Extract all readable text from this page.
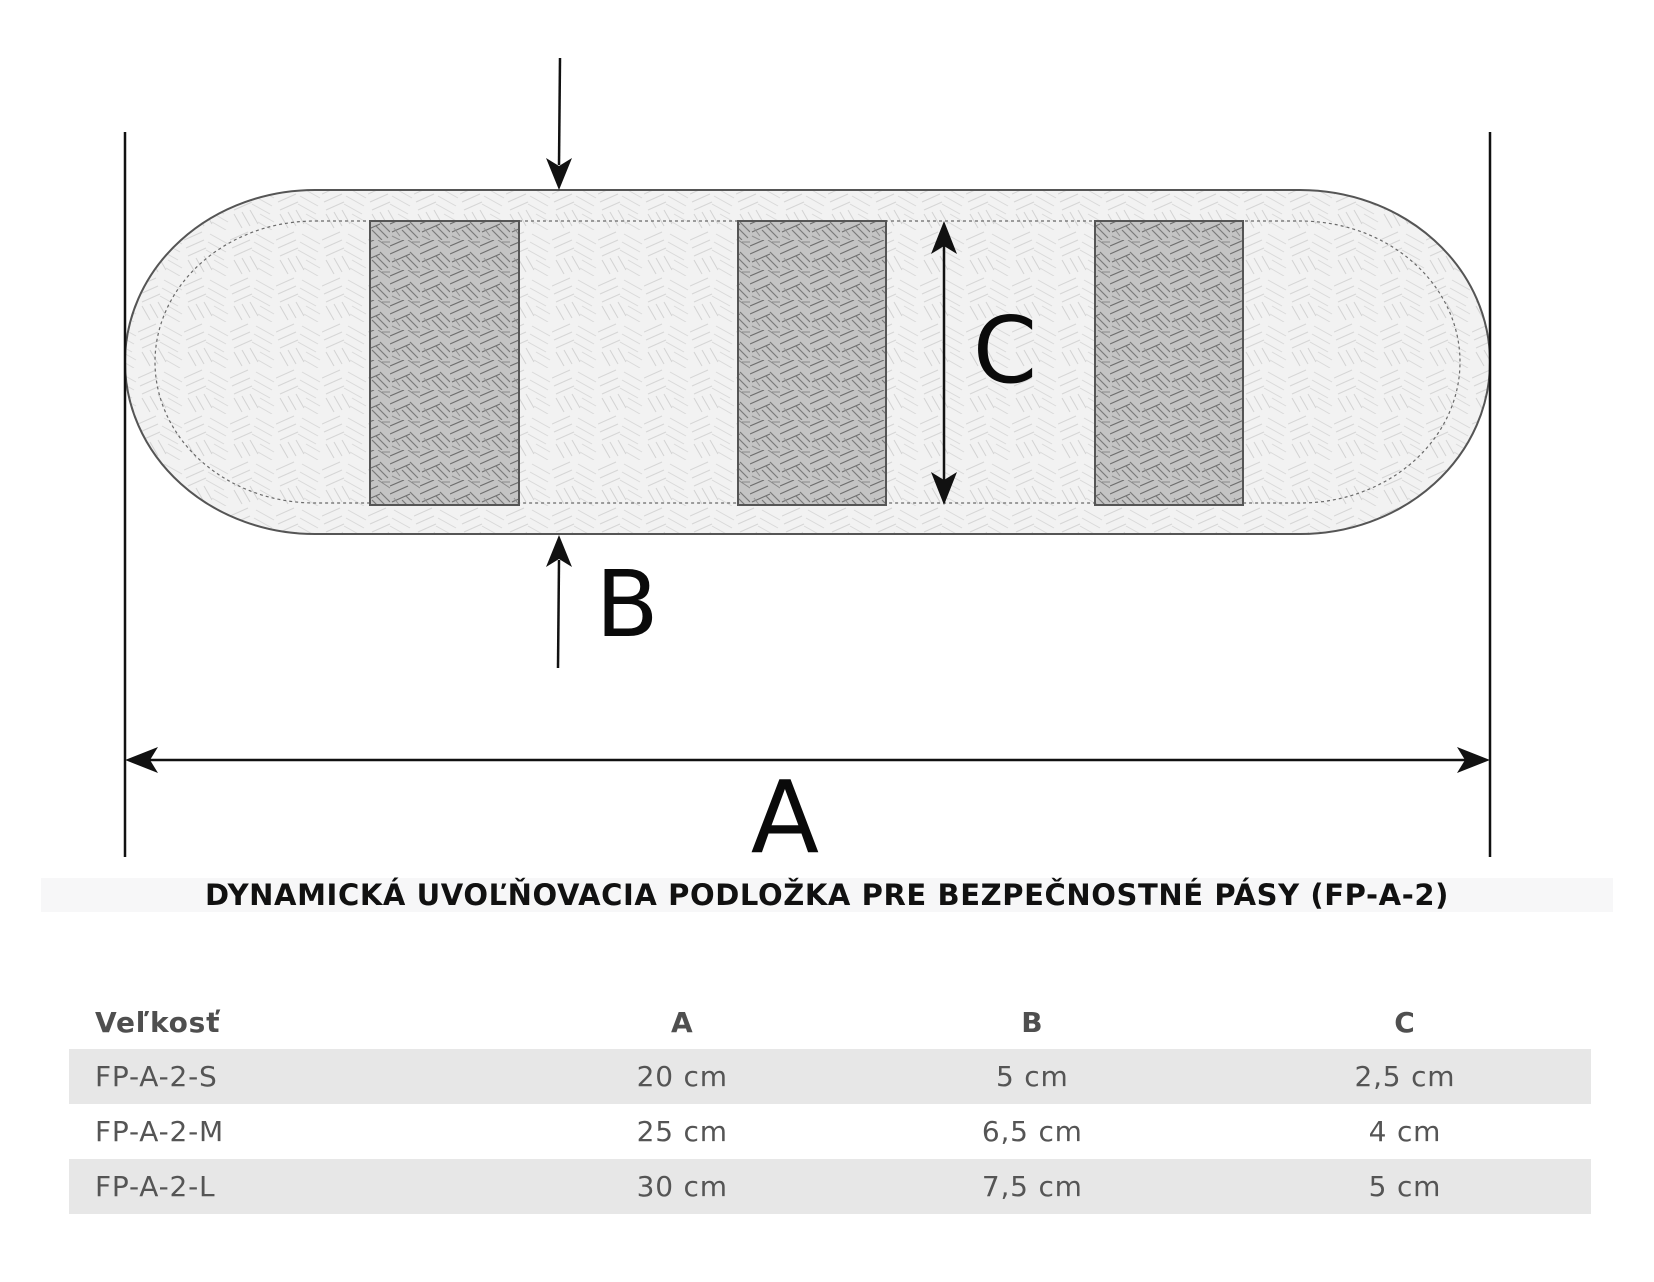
A
B
C
DYNAMICKÁ UVOĽŇOVACIA PODLOŽKA PRE BEZPEČNOSTNÉ PÁSY (FP-A-2)
Veľkosť	A	B	C
FP-A-2-S	20 cm	5 cm	2,5 cm
FP-A-2-M	25 cm	6,5 cm	4 cm
FP-A-2-L	30 cm	7,5 cm	5 cm
